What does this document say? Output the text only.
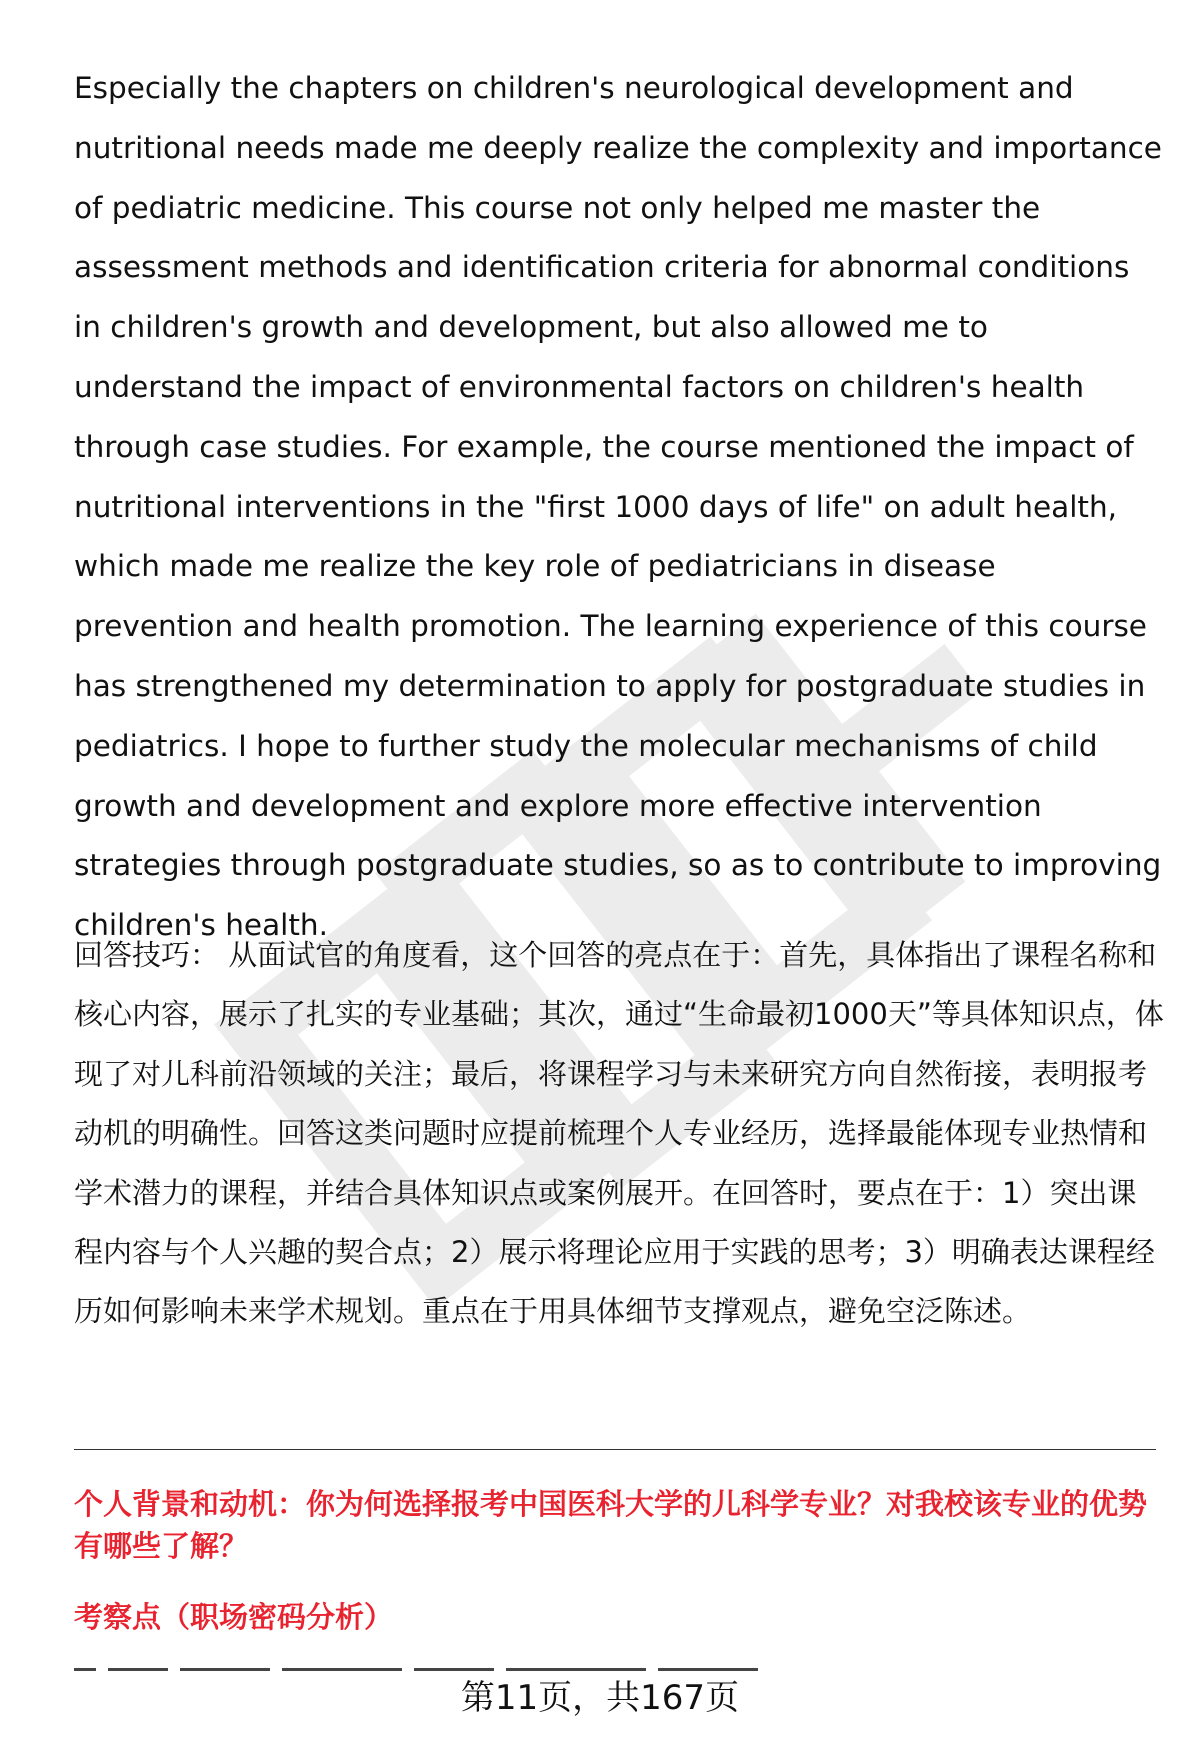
Especially the chapters on children's neurological development and nutritional needs made me deeply realize the complexity and importance of pediatric medicine. This course not only helped me master the assessment methods and identification criteria for abnormal conditions in children's growth and development, but also allowed me to understand the impact of environmental factors on children's health through case studies. For example, the course mentioned the impact of nutritional interventions in the "first 1000 days of life" on adult health, which made me realize the key role of pediatricians in disease prevention and health promotion. The learning experience of this course has strengthened my determination to apply for postgraduate studies in pediatrics. I hope to further study the molecular mechanisms of child growth and development and explore more effective intervention strategies through postgraduate studies, so as to contribute to improving children's health.

回答技巧： 从面试官的角度看，这个回答的亮点在于：首先，具体指出了课程名称和核心内容，展示了扎实的专业基础；其次，通过“生命最初1000天”等具体知识点，体现了对儿科前沿领域的关注；最后，将课程学习与未来研究方向自然衔接，表明报考动机的明确性。回答这类问题时应提前梳理个人专业经历，选择最能体现专业热情和学术潜力的课程，并结合具体知识点或案例展开。在回答时，要点在于：1）突出课程内容与个人兴趣的契合点；2）展示将理论应用于实践的思考；3）明确表达课程经历如何影响未来学术规划。重点在于用具体细节支撑观点，避免空泛陈述。

个人背景和动机：你为何选择报考中国医科大学的儿科学专业？对我校该专业的优势有哪些了解？

考察点（职场密码分析）

第11页，共167页
